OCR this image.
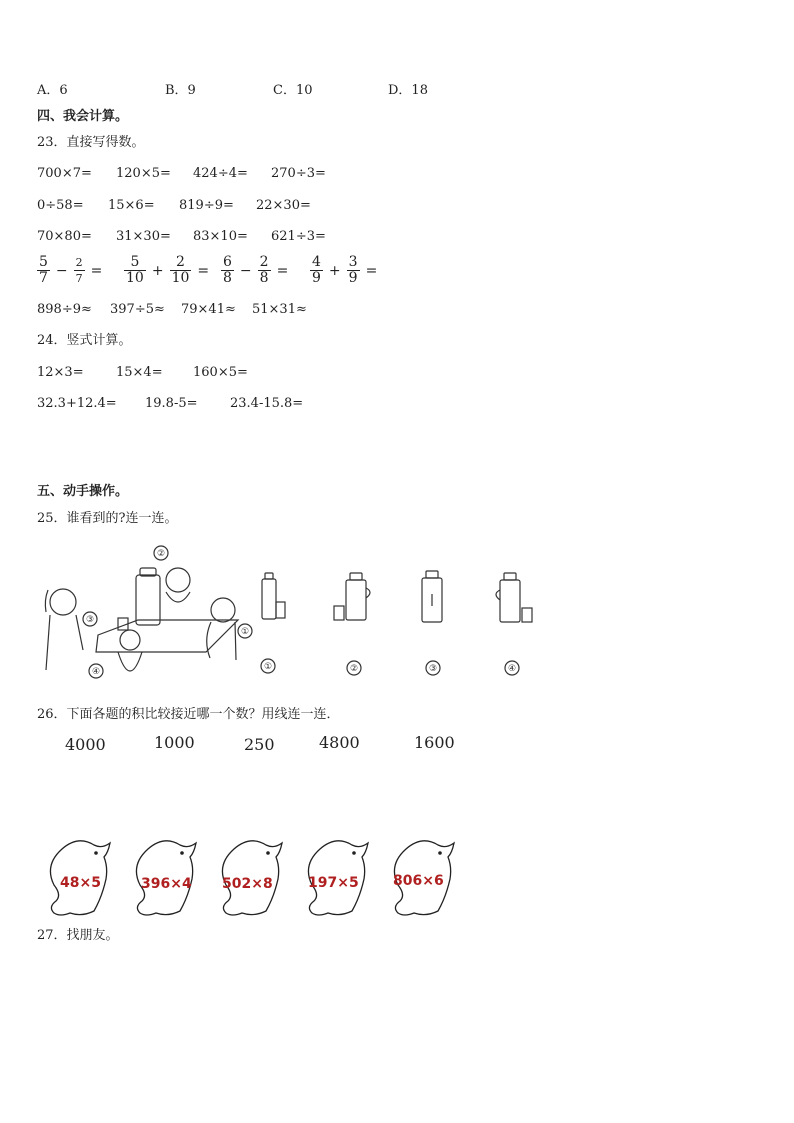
A．6	B．9	C．10	D．18
四、我会计算。
23．直接写得数。
700×7= 120×5= 424÷4= 270÷3=
0÷58= 15×6= 819÷9= 22×30=
70×80= 31×30= 83×10= 621÷3=
5
$7 - \frac{2}{7}$ =
5
$10 + \frac{2}{10}$ =
6
$8 - \frac{2}{8}$ =
4
$9 + \frac{3}{9}$ =
898÷9≈ 397÷5≈ 79×41≈ 51×31≈
24．竖式计算。
12×3= 15×4= 160×5=
32.3+12.4= 19.8-5= 23.4-15.8=
五、动手操作。
25．谁看到的?连一连。
②
③
①
④	①	②	③	④
26．下面各题的积比较接近哪一个数？用线连一连．
4000	1000	250	4800	1600
48×5	396×4 502×8	197×5 806×6
27．找朋友。
